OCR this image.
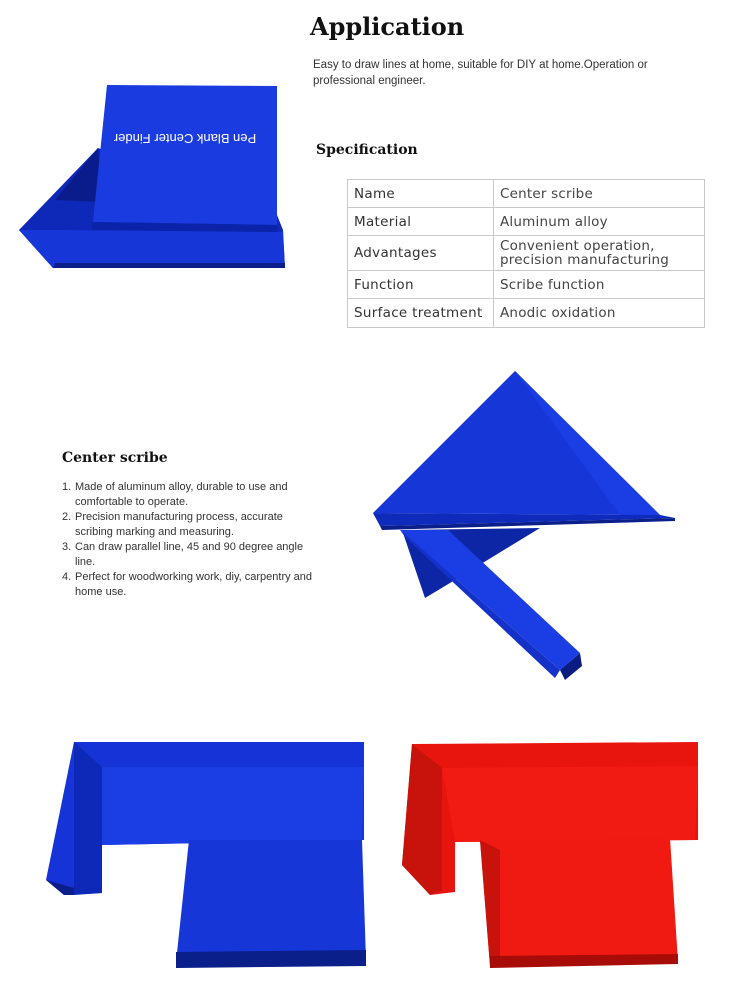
Application
Easy to draw lines at home, suitable for DIY at home.Operation or professional engineer.
Pen Blank Center Finder
Specification
Name	Center scribe
Material	Aluminum alloy
Advantages	Convenient operation, precision manufacturing
Function	Scribe function
Surface treatment	Anodic oxidation
Center scribe
1. Made of aluminum alloy, durable to use and comfortable to operate.
2. Precision manufacturing process, accurate scribing marking and measuring.
3. Can draw parallel line, 45 and 90 degree angle line.
4. Perfect for woodworking work, diy, carpentry and home use.
